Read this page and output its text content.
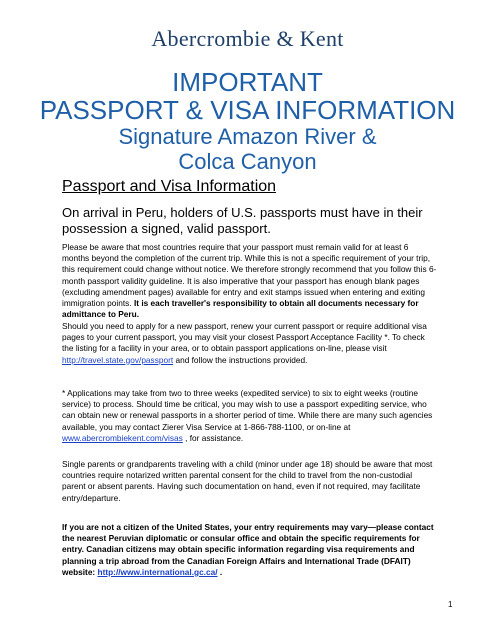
Abercrombie & Kent

IMPORTANT

PASSPORT & VISA INFORMATION

Signature Amazon River &

Colca Canyon

Passport and Visa Information

On arrival in Peru, holders of U.S. passports must have in their possession a signed, valid passport.

Please be aware that most countries require that your passport must remain valid for at least 6 months beyond the completion of the current trip. While this is not a specific requirement of your trip, this requirement could change without notice. We therefore strongly recommend that you follow this 6-month passport validity guideline. It is also imperative that your passport has enough blank pages (excluding amendment pages) available for entry and exit stamps issued when entering and exiting immigration points. It is each traveller's responsibility to obtain all documents necessary for admittance to Peru.

Should you need to apply for a new passport, renew your current passport or require additional visa pages to your current passport, you may visit your closest Passport Acceptance Facility *. To check the listing for a facility in your area, or to obtain passport applications on-line, please visit http://travel.state.gov/passport and follow the instructions provided.

* Applications may take from two to three weeks (expedited service) to six to eight weeks (routine service) to process. Should time be critical, you may wish to use a passport expediting service, who can obtain new or renewal passports in a shorter period of time. While there are many such agencies available, you may contact Zierer Visa Service at 1-866-788-1100, or on-line at www.abercrombiekent.com/visas , for assistance.

Single parents or grandparents traveling with a child (minor under age 18) should be aware that most countries require notarized written parental consent for the child to travel from the non-custodial parent or absent parents. Having such documentation on hand, even if not required, may facilitate entry/departure.

If you are not a citizen of the United States, your entry requirements may vary—please contact the nearest Peruvian diplomatic or consular office and obtain the specific requirements for entry. Canadian citizens may obtain specific information regarding visa requirements and planning a trip abroad from the Canadian Foreign Affairs and International Trade (DFAIT) website: http://www.international.gc.ca/ .

1
